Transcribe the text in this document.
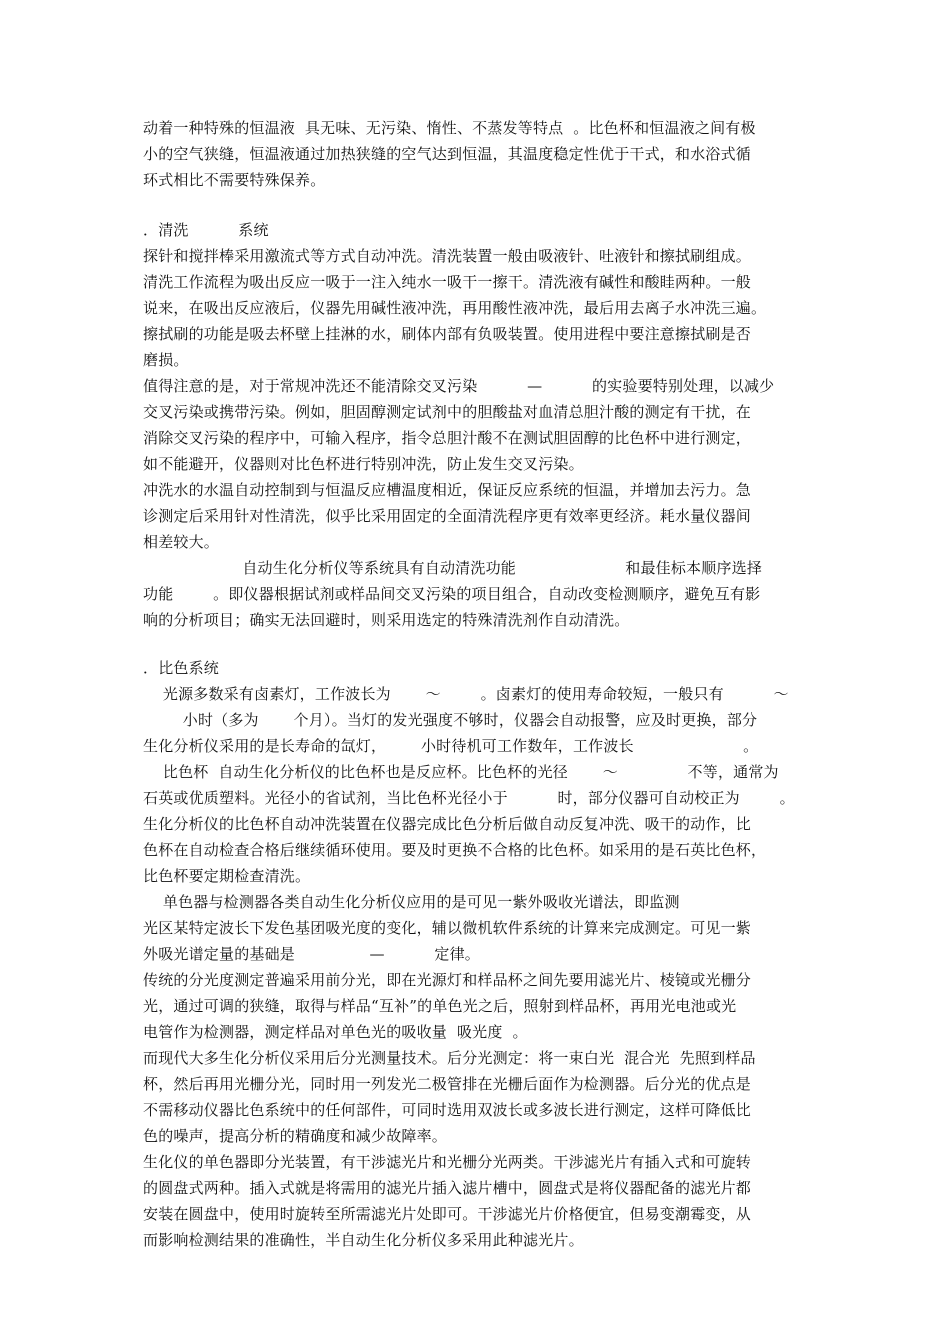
动着一种特殊的恒温液  具无味、无污染、惰性、不蒸发等特点  。比色杯和恒温液之间有极
小的空气狭缝，恒温液通过加热狭缝的空气达到恒温，其温度稳定性优于干式，和水浴式循
环式相比不需要特殊保养。
．清洗          系统
探针和搅拌棒采用激流式等方式自动冲洗。清洗装置一般由吸液针、吐液针和擦拭刷组成。
清洗工作流程为吸出反应一吸于一注入纯水一吸干一擦干。清洗液有碱性和酸眭两种。一般
说来，在吸出反应液后，仪器先用碱性液冲洗，再用酸性液冲洗，最后用去离子水冲洗三遍。
擦拭刷的功能是吸去杯壁上挂淋的水，刷体内部有负吸装置。使用进程中要注意擦拭刷是否
磨损。
值得注意的是，对于常规冲洗还不能清除交叉污染          —          的实验要特别处理，以减少
交叉污染或携带污染。例如，胆固醇测定试剂中的胆酸盐对血清总胆汁酸的测定有干扰，在
消除交叉污染的程序中，可输入程序，指令总胆汁酸不在测试胆固醇的比色杯中进行测定，
如不能避开，仪器则对比色杯进行特别冲洗，防止发生交叉污染。
冲洗水的水温自动控制到与恒温反应槽温度相近，保证反应系统的恒温，并增加去污力。急
诊测定后采用针对性清洗，似乎比采用固定的全面清洗程序更有效率更经济。耗水量仪器间
相差较大。
自动生化分析仪等系统具有自动清洗功能                      和最佳标本顺序选择
功能        。即仪器根据试剂或样品间交叉污染的项目组合，自动改变检测顺序，避免互有影
响的分析项目；确实无法回避时，则采用选定的特殊清洗剂作自动清洗。
．比色系统
光源多数采有卤素灯，工作波长为       ～        。卤素灯的使用寿命较短，一般只有          ～
小时（多为       个月）。当灯的发光强度不够时，仪器会自动报警，应及时更换，部分
生化分析仪采用的是长寿命的氙灯，       小时待机可工作数年，工作波长                      。
比色杯  自动生化分析仪的比色杯也是反应杯。比色杯的光径       ～              不等，通常为
石英或优质塑料。光径小的省试剂，当比色杯光径小于          时，部分仪器可自动校正为        。
生化分析仪的比色杯自动冲洗装置在仪器完成比色分析后做自动反复冲洗、吸干的动作，比
色杯在自动检查合格后继续循环使用。要及时更换不合格的比色杯。如采用的是石英比色杯，
比色杯要定期检查清洗。
单色器与检测器各类自动生化分析仪应用的是可见一紫外吸收光谱法，即监测
光区某特定波长下发色基团吸光度的变化，辅以微机软件系统的计算来完成测定。可见一紫
外吸光谱定量的基础是               —          定律。
传统的分光度测定普遍采用前分光，即在光源灯和样品杯之间先要用滤光片、棱镜或光栅分
光，通过可调的狭缝，取得与样品“互补”的单色光之后，照射到样品杯，再用光电池或光
电管作为检测器，测定样品对单色光的吸收量  吸光度  。
而现代大多生化分析仪采用后分光测量技术。后分光测定：将一束白光  混合光  先照到样品
杯，然后再用光栅分光，同时用一列发光二极管排在光栅后面作为检测器。后分光的优点是
不需移动仪器比色系统中的任何部件，可同时选用双波长或多波长进行测定，这样可降低比
色的噪声，提高分析的精确度和减少故障率。
生化仪的单色器即分光装置，有干涉滤光片和光栅分光两类。干涉滤光片有插入式和可旋转
的圆盘式两种。插入式就是将需用的滤光片插入滤片槽中，圆盘式是将仪器配备的滤光片都
安装在圆盘中，使用时旋转至所需滤光片处即可。干涉滤光片价格便宜，但易变潮霉变，从
而影响检测结果的准确性，半自动生化分析仪多采用此种滤光片。
